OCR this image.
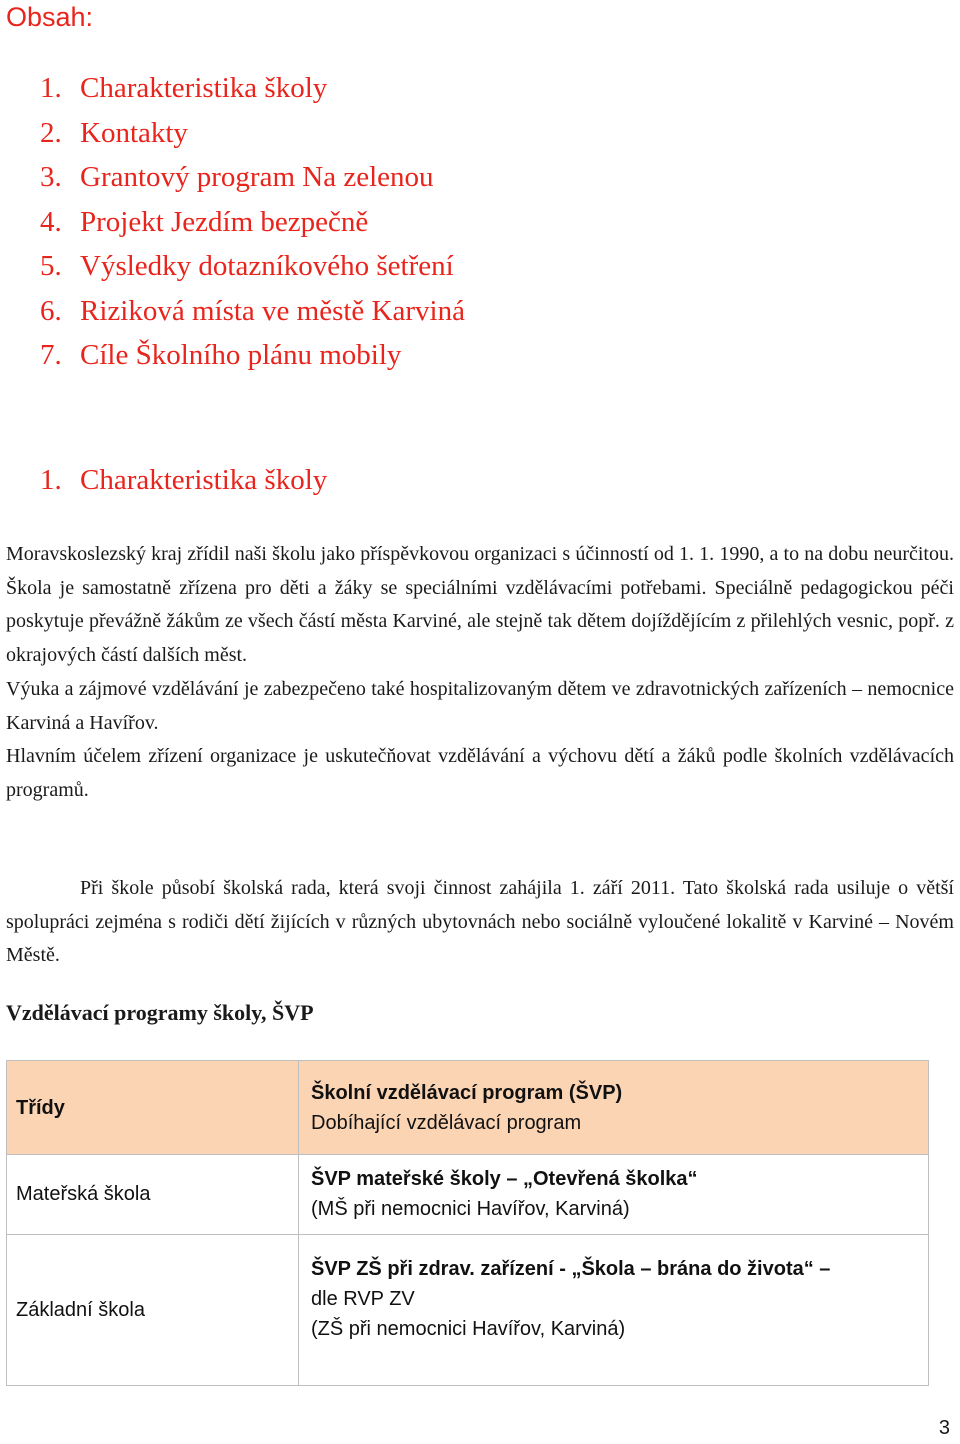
Obsah:
1. Charakteristika školy
2. Kontakty
3. Grantový program Na zelenou
4. Projekt Jezdím bezpečně
5. Výsledky dotazníkového šetření
6. Riziková místa ve městě Karviná
7. Cíle Školního plánu mobily
1. Charakteristika školy

Moravskoslezský kraj zřídil naši školu jako příspěvkovou organizaci s účinností od 1. 1. 1990, a to na dobu neurčitou. Škola je samostatně zřízena pro děti a žáky se speciálními vzdělávacími potřebami. Speciálně pedagogickou péči poskytuje převážně žákům ze všech částí města Karviné, ale stejně tak dětem dojíždějícím z přilehlých vesnic, popř. z okrajových částí dalších měst.

Výuka a zájmové vzdělávání je zabezpečeno také hospitalizovaným dětem ve zdravotnických zařízeních – nemocnice Karviná a Havířov.

Hlavním účelem zřízení organizace je uskutečňovat vzdělávání a výchovu dětí a žáků podle školních vzdělávacích programů.

Při škole působí školská rada, která svoji činnost zahájila 1. září 2011. Tato školská rada usiluje o větší spolupráci zejména s rodiči dětí žijících v různých ubytovnách nebo sociálně vyloučené lokalitě v Karviné – Novém Městě.

Vzdělávací programy školy, ŠVP
Třídy	Školní vzdělávací program (ŠVP)
Dobíhající vzdělávací program

Mateřská škola	ŠVP mateřské školy – „Otevřená školka“
(MŠ při nemocnici Havířov, Karviná)

Základní škola	ŠVP ZŠ při zdrav. zařízení - „Škola – brána do života“ –
dle RVP ZV
(ZŠ při nemocnici Havířov, Karviná)
3
